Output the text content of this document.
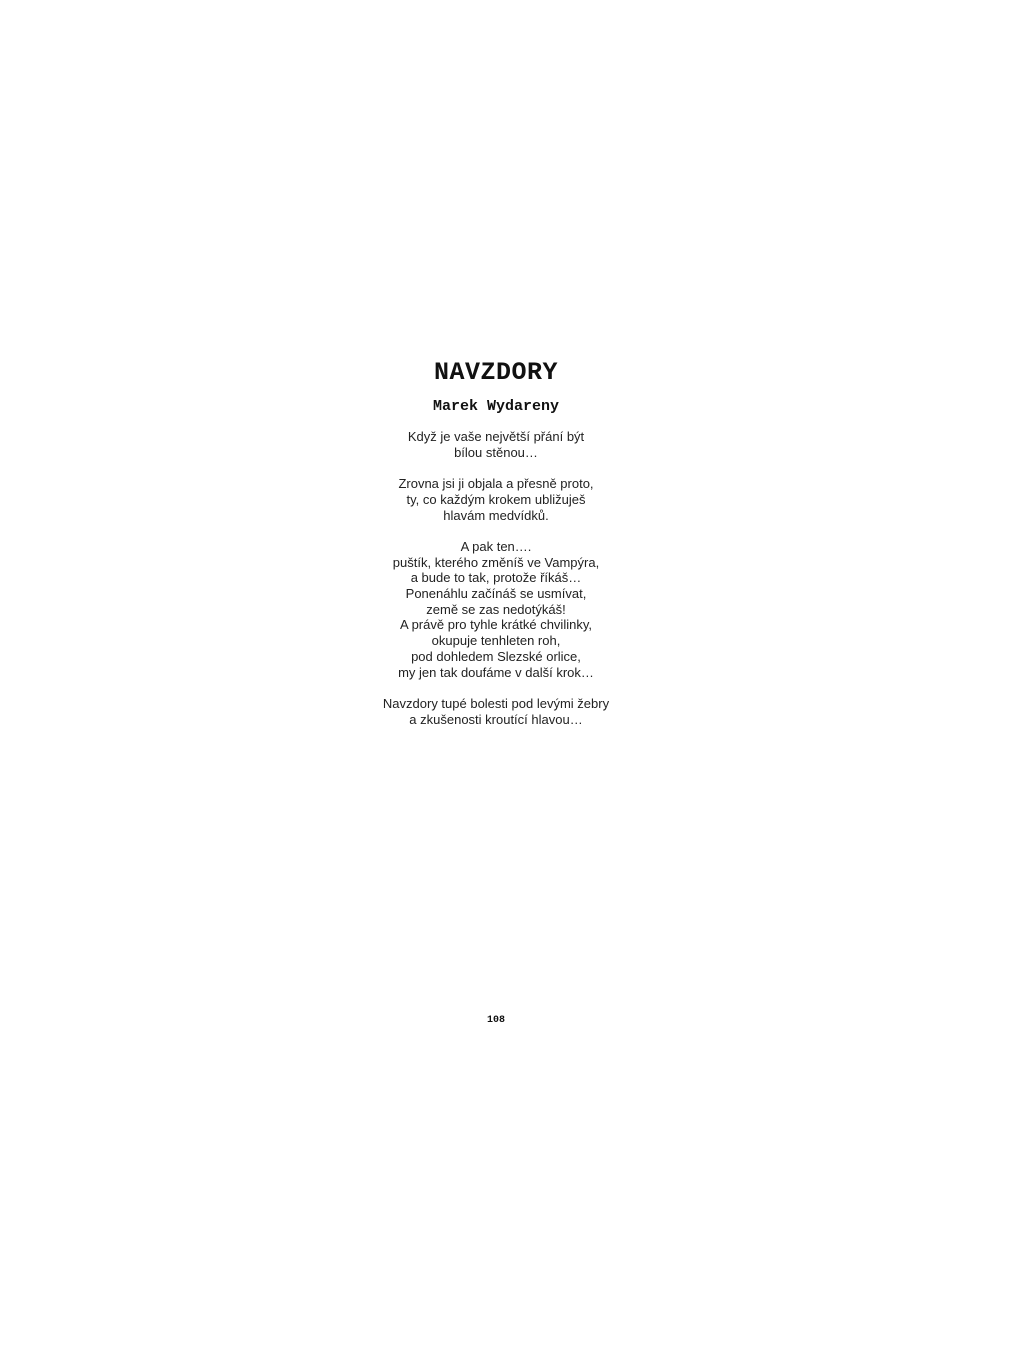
NAVZDORY
Marek Wydareny

Když je vaše největší přání být
bílou stěnou…

Zrovna jsi ji objala a přesně proto,
ty, co každým krokem ubližuješ
hlavám medvídků.

A pak ten….
puštík, kterého změníš ve Vampýra,
a bude to tak, protože říkáš…
Ponenáhlu začínáš se usmívat,
země se zas nedotýkáš!
A právě pro tyhle krátké chvilinky,
okupuje tenhleten roh,
pod dohledem Slezské orlice,
my jen tak doufáme v další krok…

Navzdory tupé bolesti pod levými žebry
a zkušenosti kroutící hlavou…

108
